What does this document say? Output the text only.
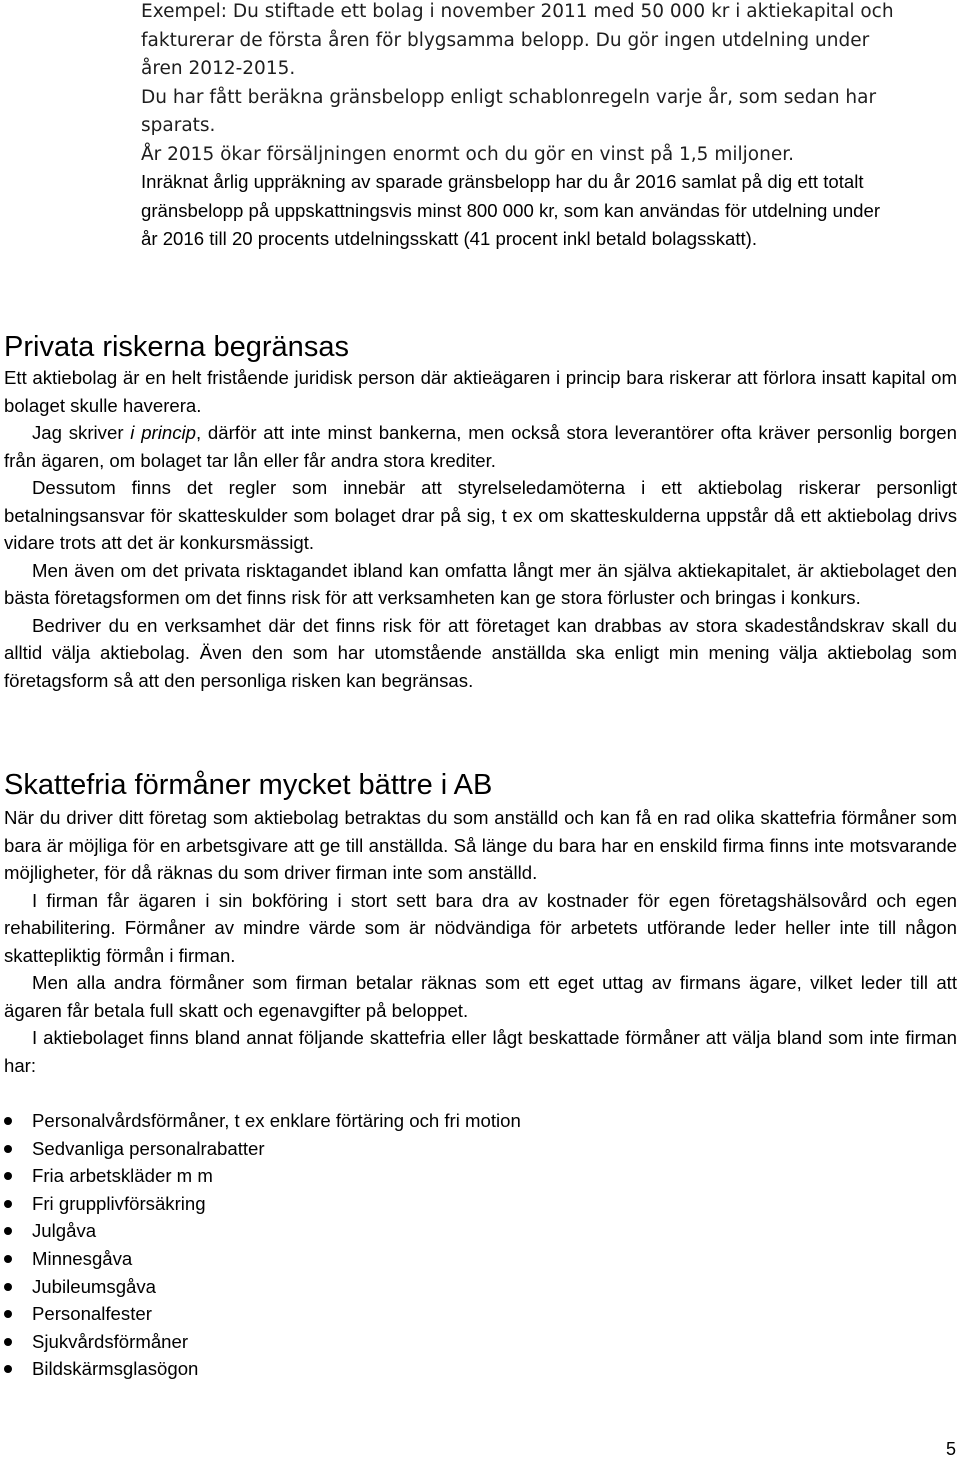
Exempel: Du stiftade ett bolag i november 2011 med 50 000 kr i aktiekapital och fakturerar de första åren för blygsamma belopp. Du gör ingen utdelning under åren 2012-2015.

Du har fått beräkna gränsbelopp enligt schablonregeln varje år, som sedan har sparats.

År 2015 ökar försäljningen enormt och du gör en vinst på 1,5 miljoner.

Inräknat årlig uppräkning av sparade gränsbelopp har du år 2016 samlat på dig ett totalt gränsbelopp på uppskattningsvis minst 800 000 kr, som kan användas för utdelning under år 2016 till 20 procents utdelningsskatt (41 procent inkl betald bolagsskatt).

Privata riskerna begränsas

Ett aktiebolag är en helt fristående juridisk person där aktieägaren i princip bara riskerar att förlora insatt kapital om bolaget skulle haverera.

Jag skriver i princip, därför att inte minst bankerna, men också stora leverantörer ofta kräver personlig borgen från ägaren, om bolaget tar lån eller får andra stora krediter.

Dessutom finns det regler som innebär att styrelseledamöterna i ett aktiebolag riskerar personligt betalningsansvar för skatteskulder som bolaget drar på sig, t ex om skatteskulderna uppstår då ett aktiebolag drivs vidare trots att det är konkursmässigt.

Men även om det privata risktagandet ibland kan omfatta långt mer än själva aktiekapitalet, är aktiebolaget den bästa företagsformen om det finns risk för att verksamheten kan ge stora förluster och bringas i konkurs.

Bedriver du en verksamhet där det finns risk för att företaget kan drabbas av stora skadeståndskrav skall du alltid välja aktiebolag. Även den som har utomstående anställda ska enligt min mening välja aktiebolag som företagsform så att den personliga risken kan begränsas.

Skattefria förmåner mycket bättre i AB

När du driver ditt företag som aktiebolag betraktas du som anställd och kan få en rad olika skattefria förmåner som bara är möjliga för en arbetsgivare att ge till anställda. Så länge du bara har en enskild firma finns inte motsvarande möjligheter, för då räknas du som driver firman inte som anställd.

I firman får ägaren i sin bokföring i stort sett bara dra av kostnader för egen företagshälsovård och egen rehabilitering. Förmåner av mindre värde som är nödvändiga för arbetets utförande leder heller inte till någon skattepliktig förmån i firman.

Men alla andra förmåner som firman betalar räknas som ett eget uttag av firmans ägare, vilket leder till att ägaren får betala full skatt och egenavgifter på beloppet.

I aktiebolaget finns bland annat följande skattefria eller lågt beskattade förmåner att välja bland som inte firman har:

Personalvårdsförmåner, t ex enklare förtäring och fri motion
Sedvanliga personalrabatter
Fria arbetskläder m m
Fri grupplivförsäkring
Julgåva
Minnesgåva
Jubileumsgåva
Personalfester
Sjukvårdsförmåner
Bildskärmsglasögon
5
